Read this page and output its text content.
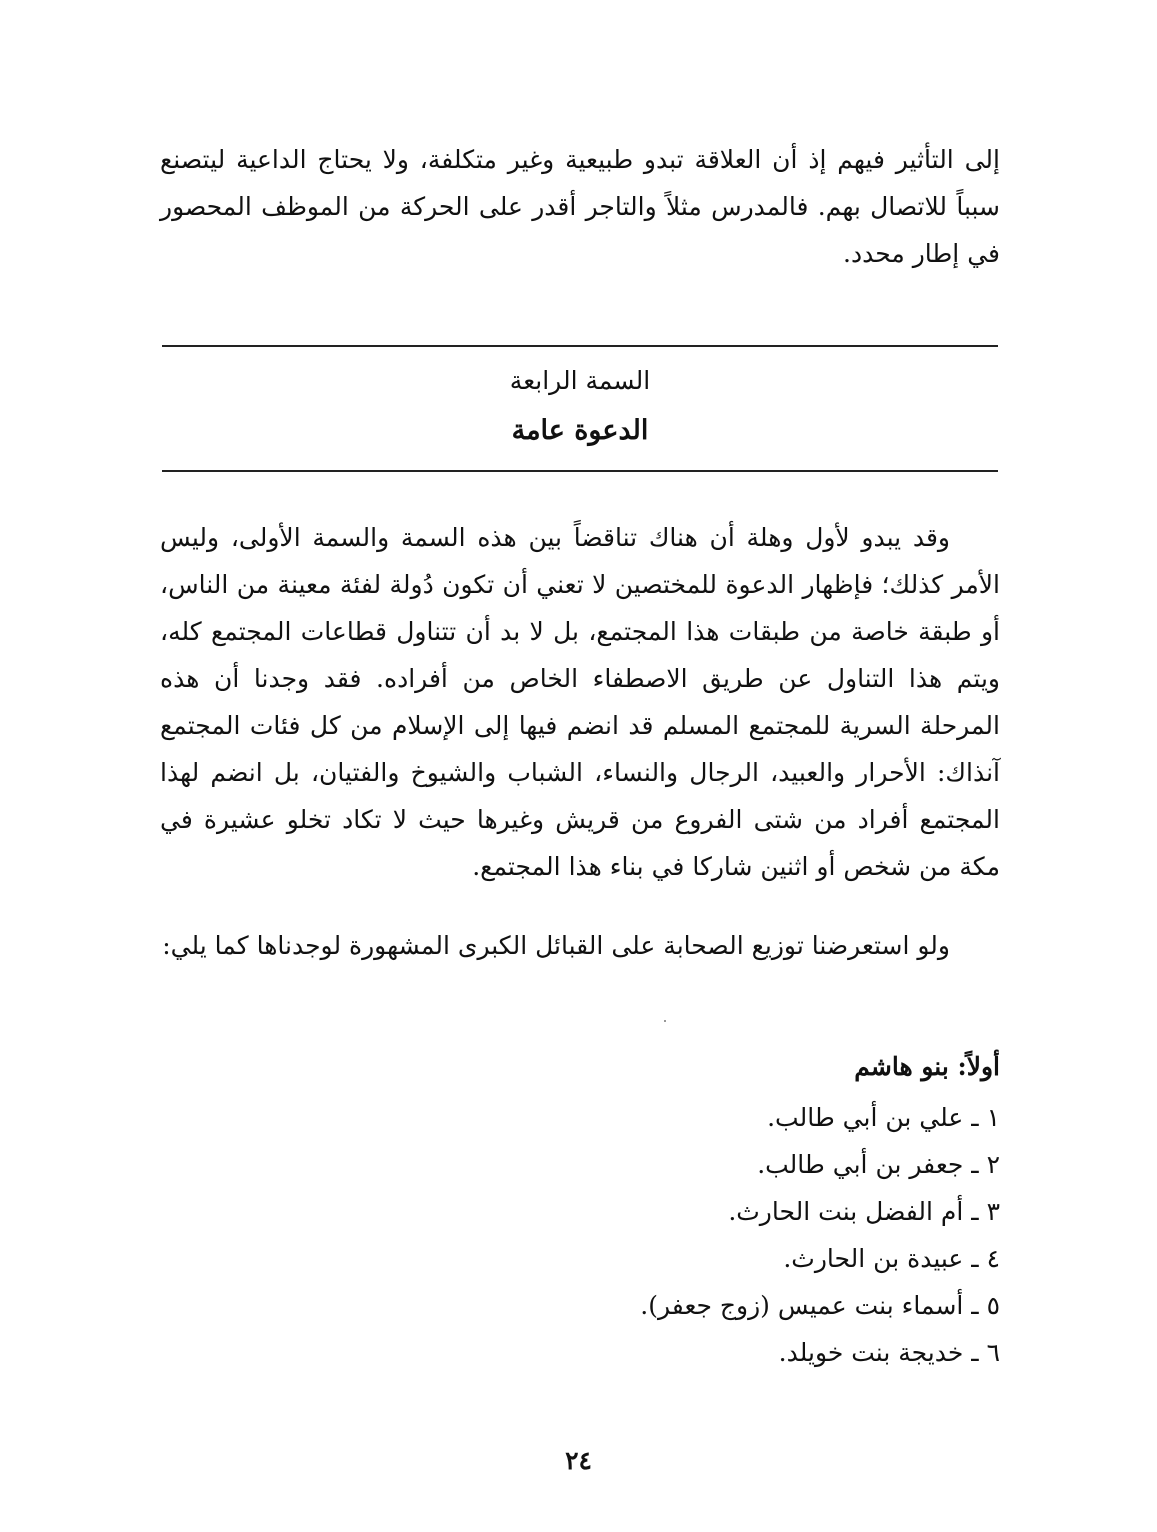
إلى التأثير فيهم إذ أن العلاقة تبدو طبيعية وغير متكلفة، ولا يحتاج الداعية ليتصنع سبباً للاتصال بهم. فالمدرس مثلاً والتاجر أقدر على الحركة من الموظف المحصور في إطار محدد.
السمة الرابعة
الدعوة عامة
وقد يبدو لأول وهلة أن هناك تناقضاً بين هذه السمة والسمة الأولى، وليس الأمر كذلك؛ فإظهار الدعوة للمختصين لا تعني أن تكون دُولة لفئة معينة من الناس، أو طبقة خاصة من طبقات هذا المجتمع، بل لا بد أن تتناول قطاعات المجتمع كله، ويتم هذا التناول عن طريق الاصطفاء الخاص من أفراده. فقد وجدنا أن هذه المرحلة السرية للمجتمع المسلم قد انضم فيها إلى الإسلام من كل فئات المجتمع آنذاك: الأحرار والعبيد، الرجال والنساء، الشباب والشيوخ والفتيان، بل انضم لهذا المجتمع أفراد من شتى الفروع من قريش وغيرها حيث لا تكاد تخلو عشيرة في مكة من شخص أو اثنين شاركا في بناء هذا المجتمع.
ولو استعرضنا توزيع الصحابة على القبائل الكبرى المشهورة لوجدناها كما يلي:
أولاً: بنو هاشم
١ ـ علي بن أبي طالب.
٢ ـ جعفر بن أبي طالب.
٣ ـ أم الفضل بنت الحارث.
٤ ـ عبيدة بن الحارث.
٥ ـ أسماء بنت عميس (زوج جعفر).
٦ ـ خديجة بنت خويلد.
٢٤
